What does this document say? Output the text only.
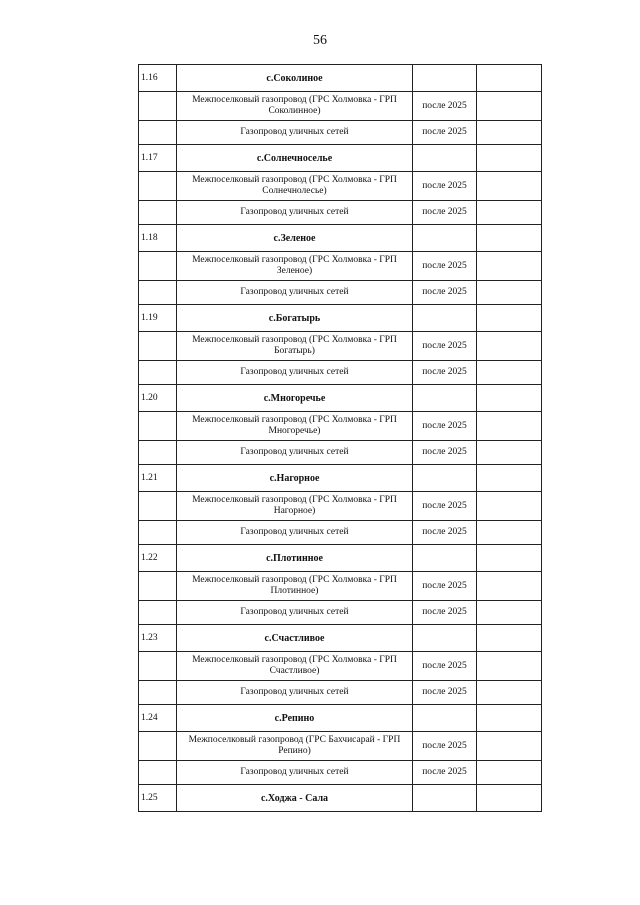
56
1.16	с.Соколиное		
	Межпоселковый газопровод (ГРС Холмовка - ГРП Соколинное)	после 2025	
	Газопровод уличных сетей	после 2025	
1.17	с.Солнечносельe		
	Межпоселковый газопровод (ГРС Холмовка - ГРП Солнечнолесье)	после 2025	
	Газопровод уличных сетей	после 2025	
1.18	с.Зеленое		
	Межпоселковый газопровод (ГРС Холмовка - ГРП Зеленое)	после 2025	
	Газопровод уличных сетей	после 2025	
1.19	с.Богатырь		
	Межпоселковый газопровод (ГРС Холмовка - ГРП Богатырь)	после 2025	
	Газопровод уличных сетей	после 2025	
1.20	с.Многоречье		
	Межпоселковый газопровод (ГРС Холмовка - ГРП Многоречье)	после 2025	
	Газопровод уличных сетей	после 2025	
1.21	с.Нагорное		
	Межпоселковый газопровод (ГРС Холмовка - ГРП Нагорное)	после 2025	
	Газопровод уличных сетей	после 2025	
1.22	с.Плотинное		
	Межпоселковый газопровод (ГРС Холмовка - ГРП Плотинное)	после 2025	
	Газопровод уличных сетей	после 2025	
1.23	с.Счастливое		
	Межпоселковый газопровод (ГРС Холмовка - ГРП Счастливое)	после 2025	
	Газопровод уличных сетей	после 2025	
1.24	с.Репино		
	Межпоселковый газопровод (ГРС Бахчисарай - ГРП Репино)	после 2025	
	Газопровод уличных сетей	после 2025	
1.25	с.Ходжа - Сала		
